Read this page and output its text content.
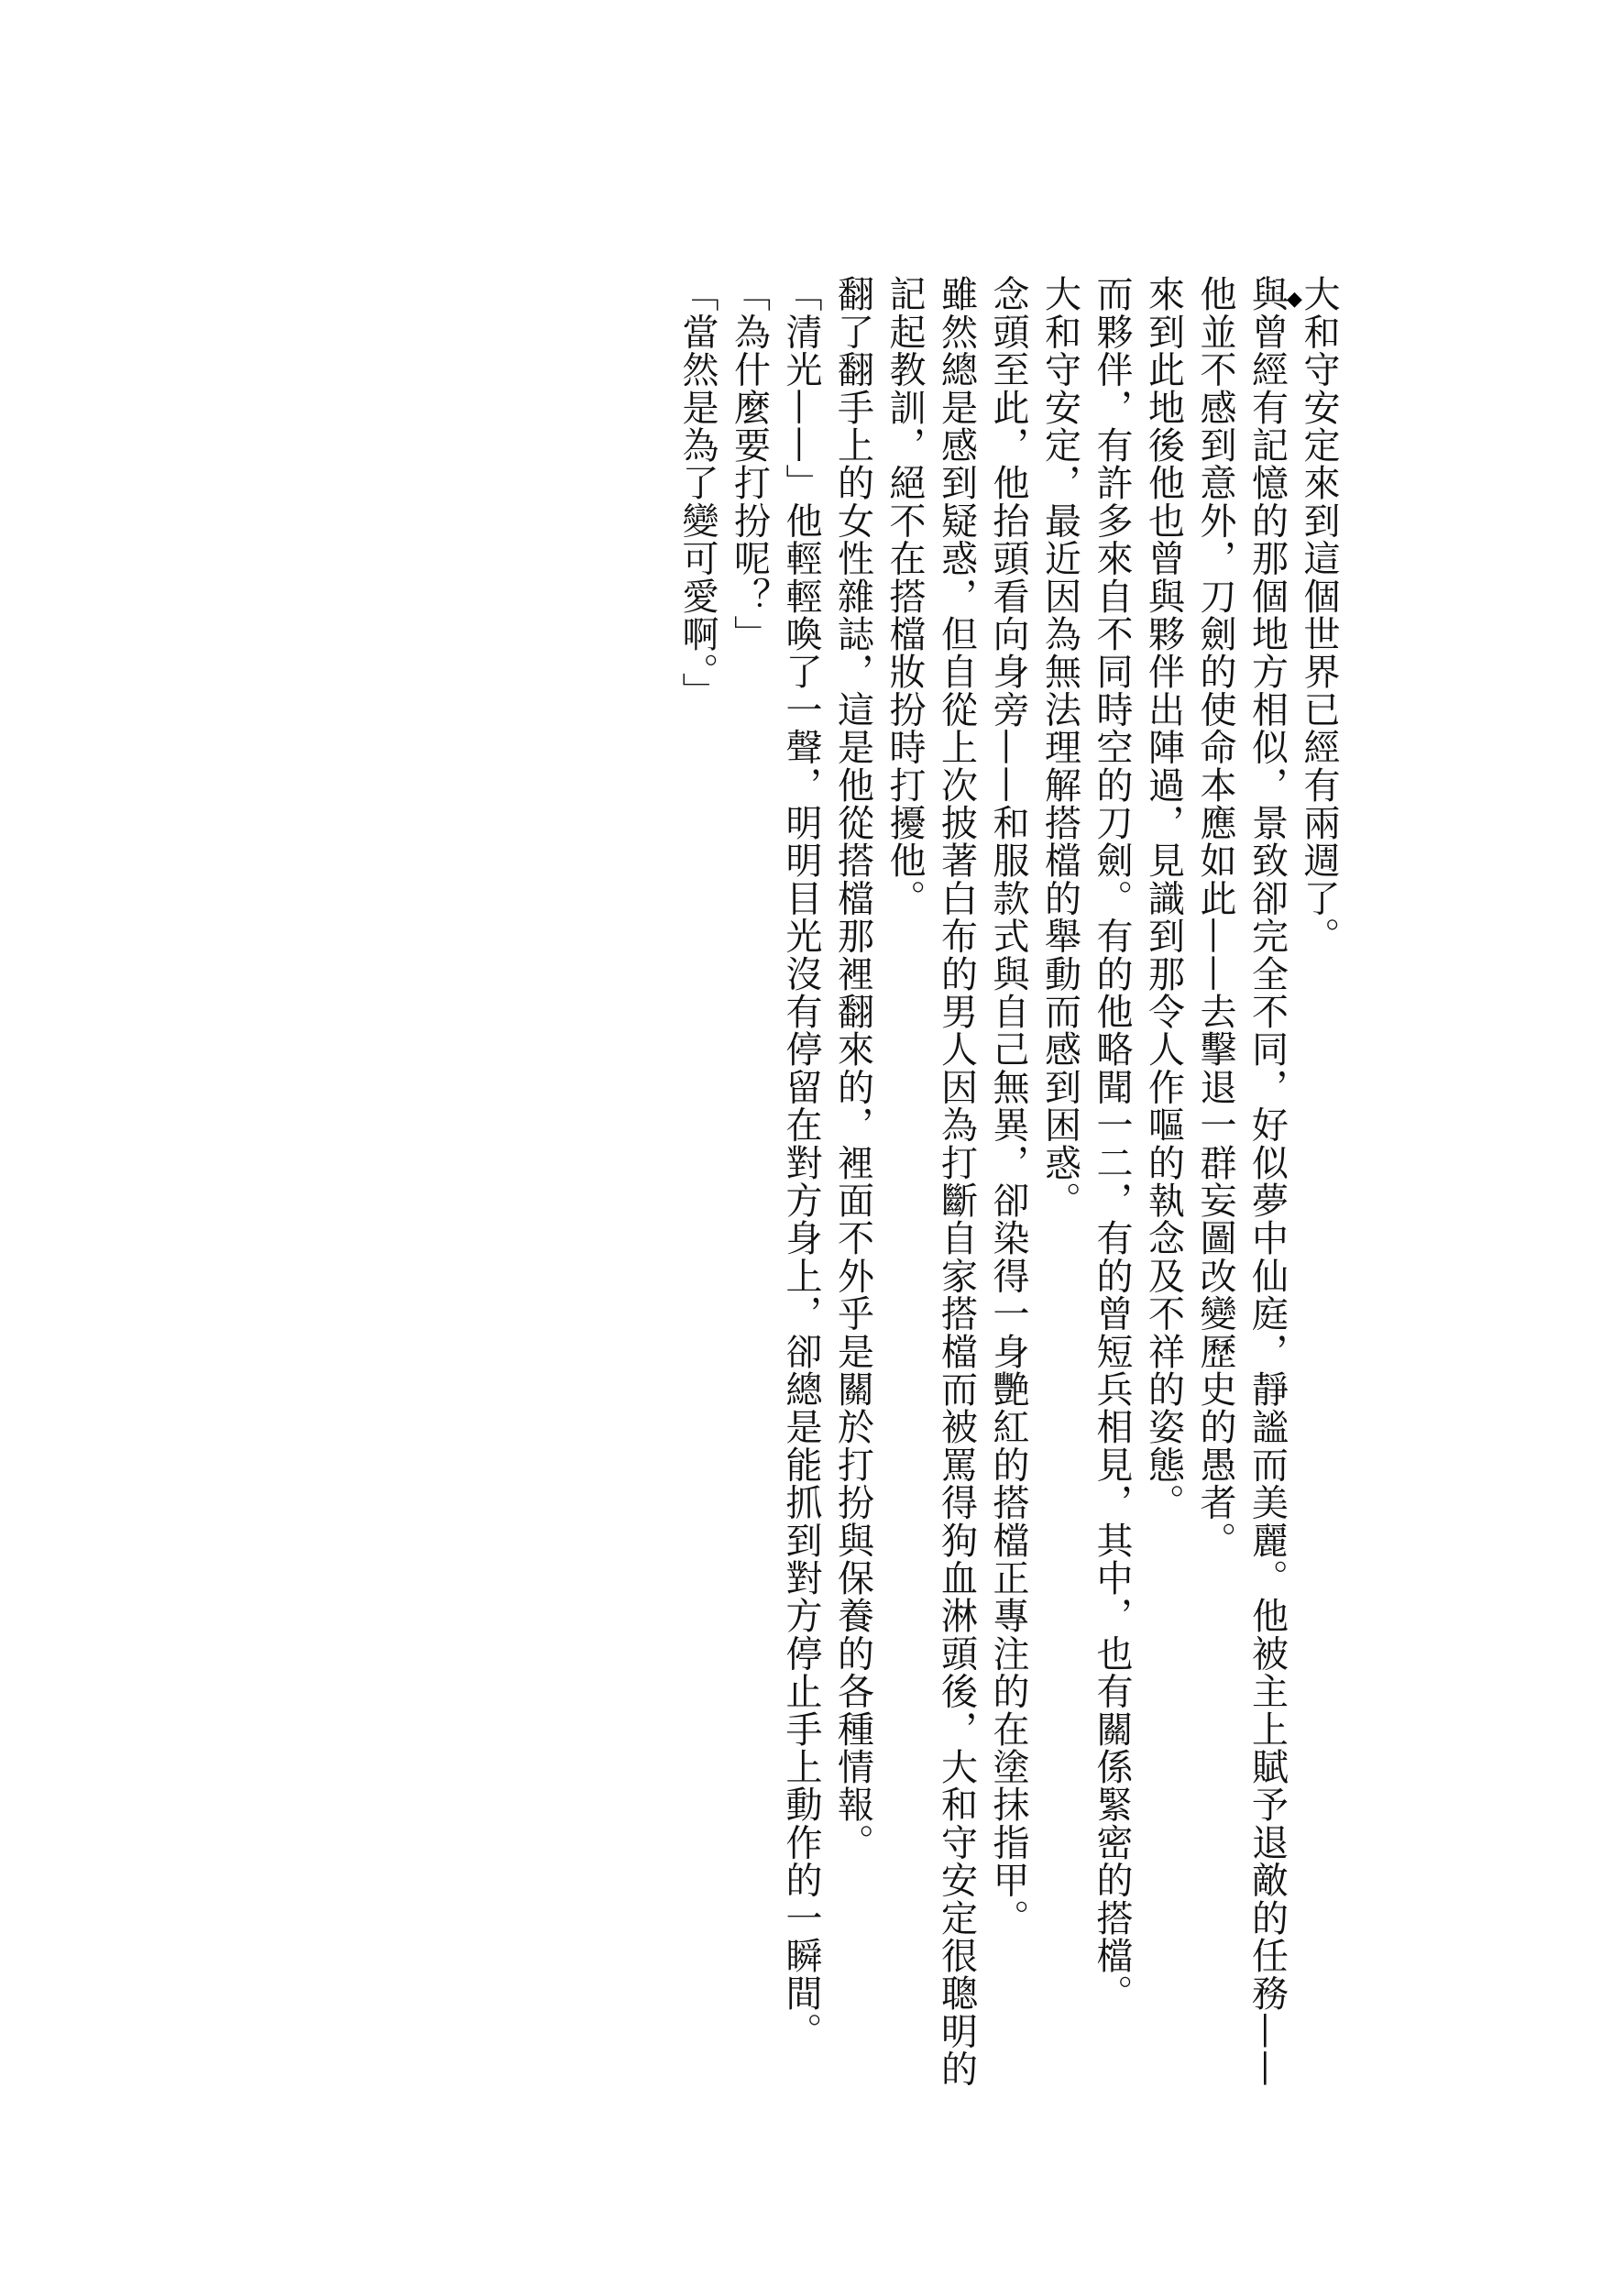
◆

大和守安定來到這個世界已經有兩週了。

與曾經有記憶的那個地方相似，景致卻完全不同，好似夢中仙庭，靜謐而美麗。他被主上賦予退敵的任務——他並不感到意外，刀劍的使命本應如此——去擊退一群妄圖改變歷史的愚者。

來到此地後他也曾與夥伴出陣過，見識到那令人作嘔的執念及不祥的姿態。

而夥伴，有許多來自不同時空的刀劍。有的他略聞一二，有的曾短兵相見，其中，也有關係緊密的搭檔。

大和守安定，最近因為無法理解搭檔的舉動而感到困惑。

念頭至此，他抬頭看向身旁——和服款式與自己無異，卻染得一身艷紅的搭檔正專注的在塗抹指甲。

雖然總是感到疑惑，但自從上次披著白布的男人因為打斷自家搭檔而被罵得狗血淋頭後，大和守安定很聰明的記起教訓，絕不在搭檔妝扮時打擾他。

翻了翻手上的女性雜誌，這是他從搭檔那裡翻來的，裡面不外乎是關於打扮與保養的各種情報。

「清光——」他輕輕喚了一聲，明明目光沒有停留在對方身上，卻總是能抓到對方停止手上動作的一瞬間。

「為什麼要打扮呢？」

「當然是為了變可愛啊。」
